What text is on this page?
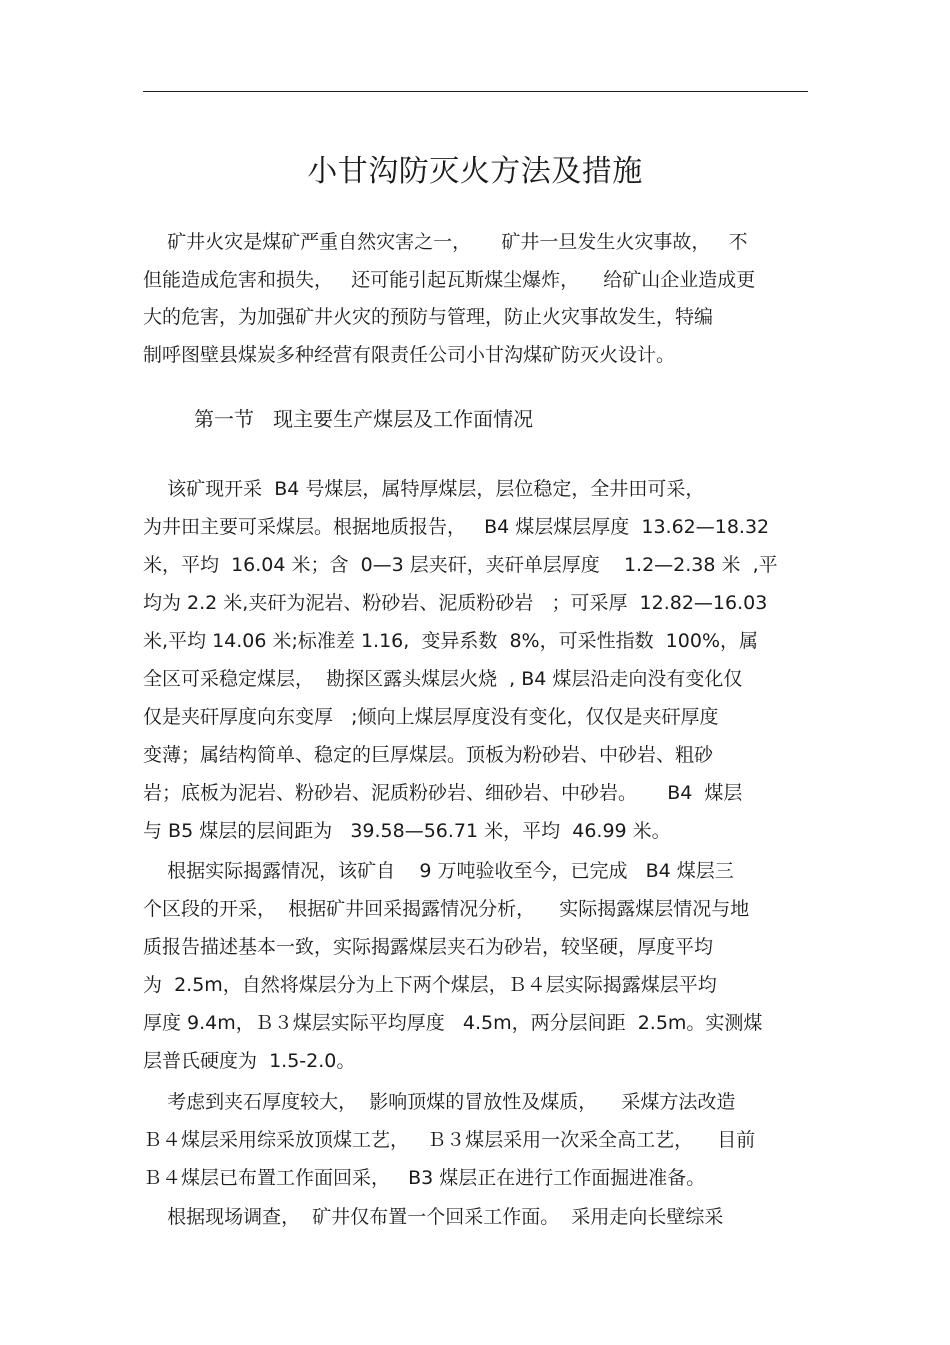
小甘沟防灭火方法及措施
矿井火灾是煤矿严重自然灾害之一，     矿井一旦发生火灾事故，   不
但能造成危害和损失，   还可能引起瓦斯煤尘爆炸，    给矿山企业造成更
大的危害，为加强矿井火灾的预防与管理，防止火灾事故发生，特编
制呼图壁县煤炭多种经营有限责任公司小甘沟煤矿防灭火设计。
第一节   现主要生产煤层及工作面情况
该矿现开采  B4 号煤层，属特厚煤层，层位稳定，全井田可采，
为井田主要可采煤层。根据地质报告，   B4 煤层煤层厚度  13.62—18.32
米，平均  16.04 米；含  0—3 层夹矸，夹矸单层厚度    1.2—2.38 米  ,平
均为 2.2 米,夹矸为泥岩、粉砂岩、泥质粉砂岩   ；可采厚  12.82—16.03
米,平均 14.06 米;标准差 1.16,  变异系数  8%，可采性指数  100%，属
全区可采稳定煤层，  勘探区露头煤层火烧  , B4 煤层沿走向没有变化仅
仅是夹矸厚度向东变厚   ;倾向上煤层厚度没有变化，仅仅是夹矸厚度
变薄；属结构简单、稳定的巨厚煤层。顶板为粉砂岩、中砂岩、粗砂
岩；底板为泥岩、粉砂岩、泥质粉砂岩、细砂岩、中砂岩。     B4  煤层
与 B5 煤层的层间距为   39.58—56.71 米，平均  46.99 米。
根据实际揭露情况，该矿自    9 万吨验收至今，已完成   B4 煤层三
个区段的开采，  根据矿井回采揭露情况分析，    实际揭露煤层情况与地
质报告描述基本一致，实际揭露煤层夹石为砂岩，较坚硬，厚度平均
为  2.5m，自然将煤层分为上下两个煤层，Ｂ４层实际揭露煤层平均
厚度 9.4m，Ｂ３煤层实际平均厚度   4.5m，两分层间距  2.5m。实测煤
层普氏硬度为  1.5-2.0。
考虑到夹石厚度较大，  影响顶煤的冒放性及煤质，    采煤方法改造
Ｂ４煤层采用综采放顶煤工艺，   Ｂ３煤层采用一次采全高工艺，    目前
Ｂ４煤层已布置工作面回采，   B3 煤层正在进行工作面掘进准备。
根据现场调查，  矿井仅布置一个回采工作面。  采用走向长壁综采
